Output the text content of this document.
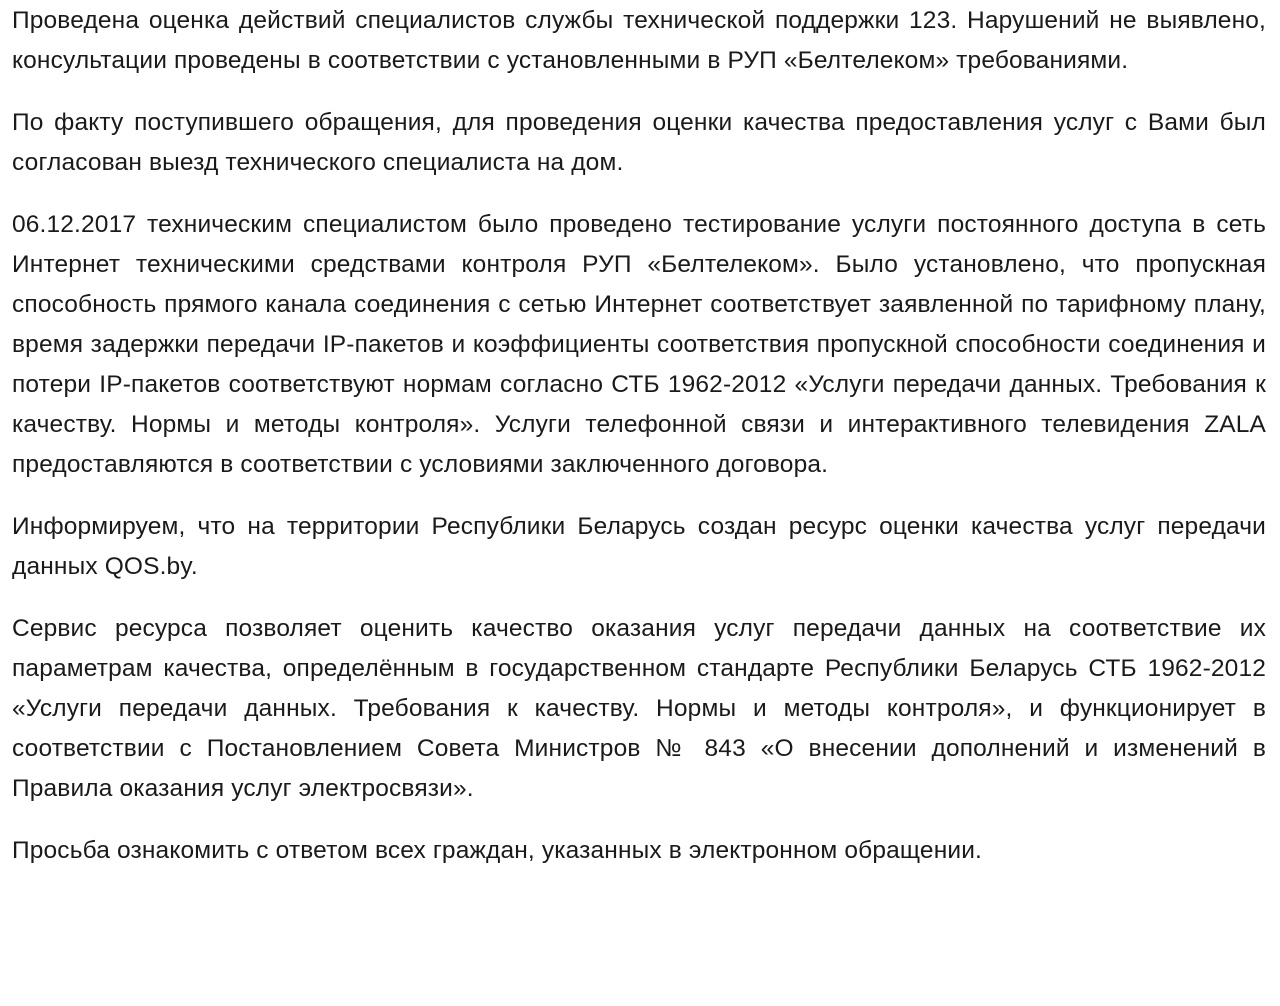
Проведена оценка действий специалистов службы технической поддержки 123. Нарушений не выявлено, консультации проведены в соответствии с установленными в РУП «Белтелеком» требованиями.

По факту поступившего обращения, для проведения оценки качества предоставления услуг с Вами был согласован выезд технического специалиста на дом.

06.12.2017 техническим специалистом было проведено тестирование услуги постоянного доступа в сеть Интернет техническими средствами контроля РУП «Белтелеком». Было установлено, что пропускная способность прямого канала соединения с сетью Интернет соответствует заявленной по тарифному плану, время задержки передачи IP-пакетов и коэффициенты соответствия пропускной способности соединения и потери IP-пакетов соответствуют нормам согласно СТБ 1962-2012 «Услуги передачи данных. Требования к качеству. Нормы и методы контроля». Услуги телефонной связи и интерактивного телевидения ZALA предоставляются в соответствии с условиями заключенного договора.

Информируем, что на территории Республики Беларусь создан ресурс оценки качества услуг передачи данных QOS.by.

Сервис ресурса позволяет оценить качество оказания услуг передачи данных на соответствие их параметрам качества, определённым в государственном стандарте Республики Беларусь СТБ 1962-2012 «Услуги передачи данных. Требования к качеству. Нормы и методы контроля», и функционирует в соответствии с Постановлением Совета Министров № 843 «О внесении дополнений и изменений в Правила оказания услуг электросвязи».

Просьба ознакомить с ответом всех граждан, указанных в электронном обращении.
